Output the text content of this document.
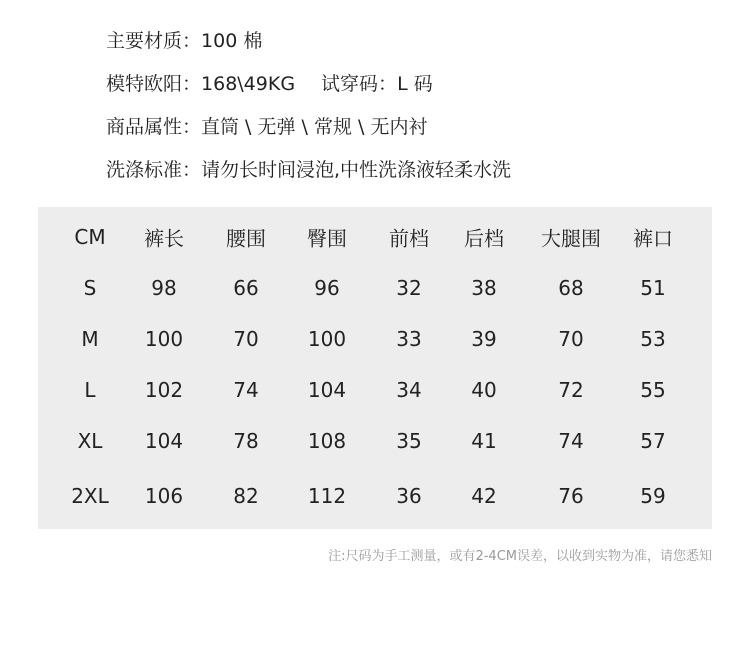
主要材质：100 棉
模特欧阳：168\49KG 试穿码：L 码
商品属性：直筒 \ 无弹 \ 常规 \ 无内衬
洗涤标准：请勿长时间浸泡,中性洗涤液轻柔水洗
CM 裤长 腰围 臀围 前档 后档 大腿围 裤口
S	98	66	96	32 38	68	51
M 100	70 100	33 39	70	53
L 102	74 104	34 40	72	55
XL 104	78 108	35 41	74	57
2XL 106	82 112	36 42	76	59
注:尺码为手工测量，或有2-4CM误差，以收到实物为准，请您悉知
